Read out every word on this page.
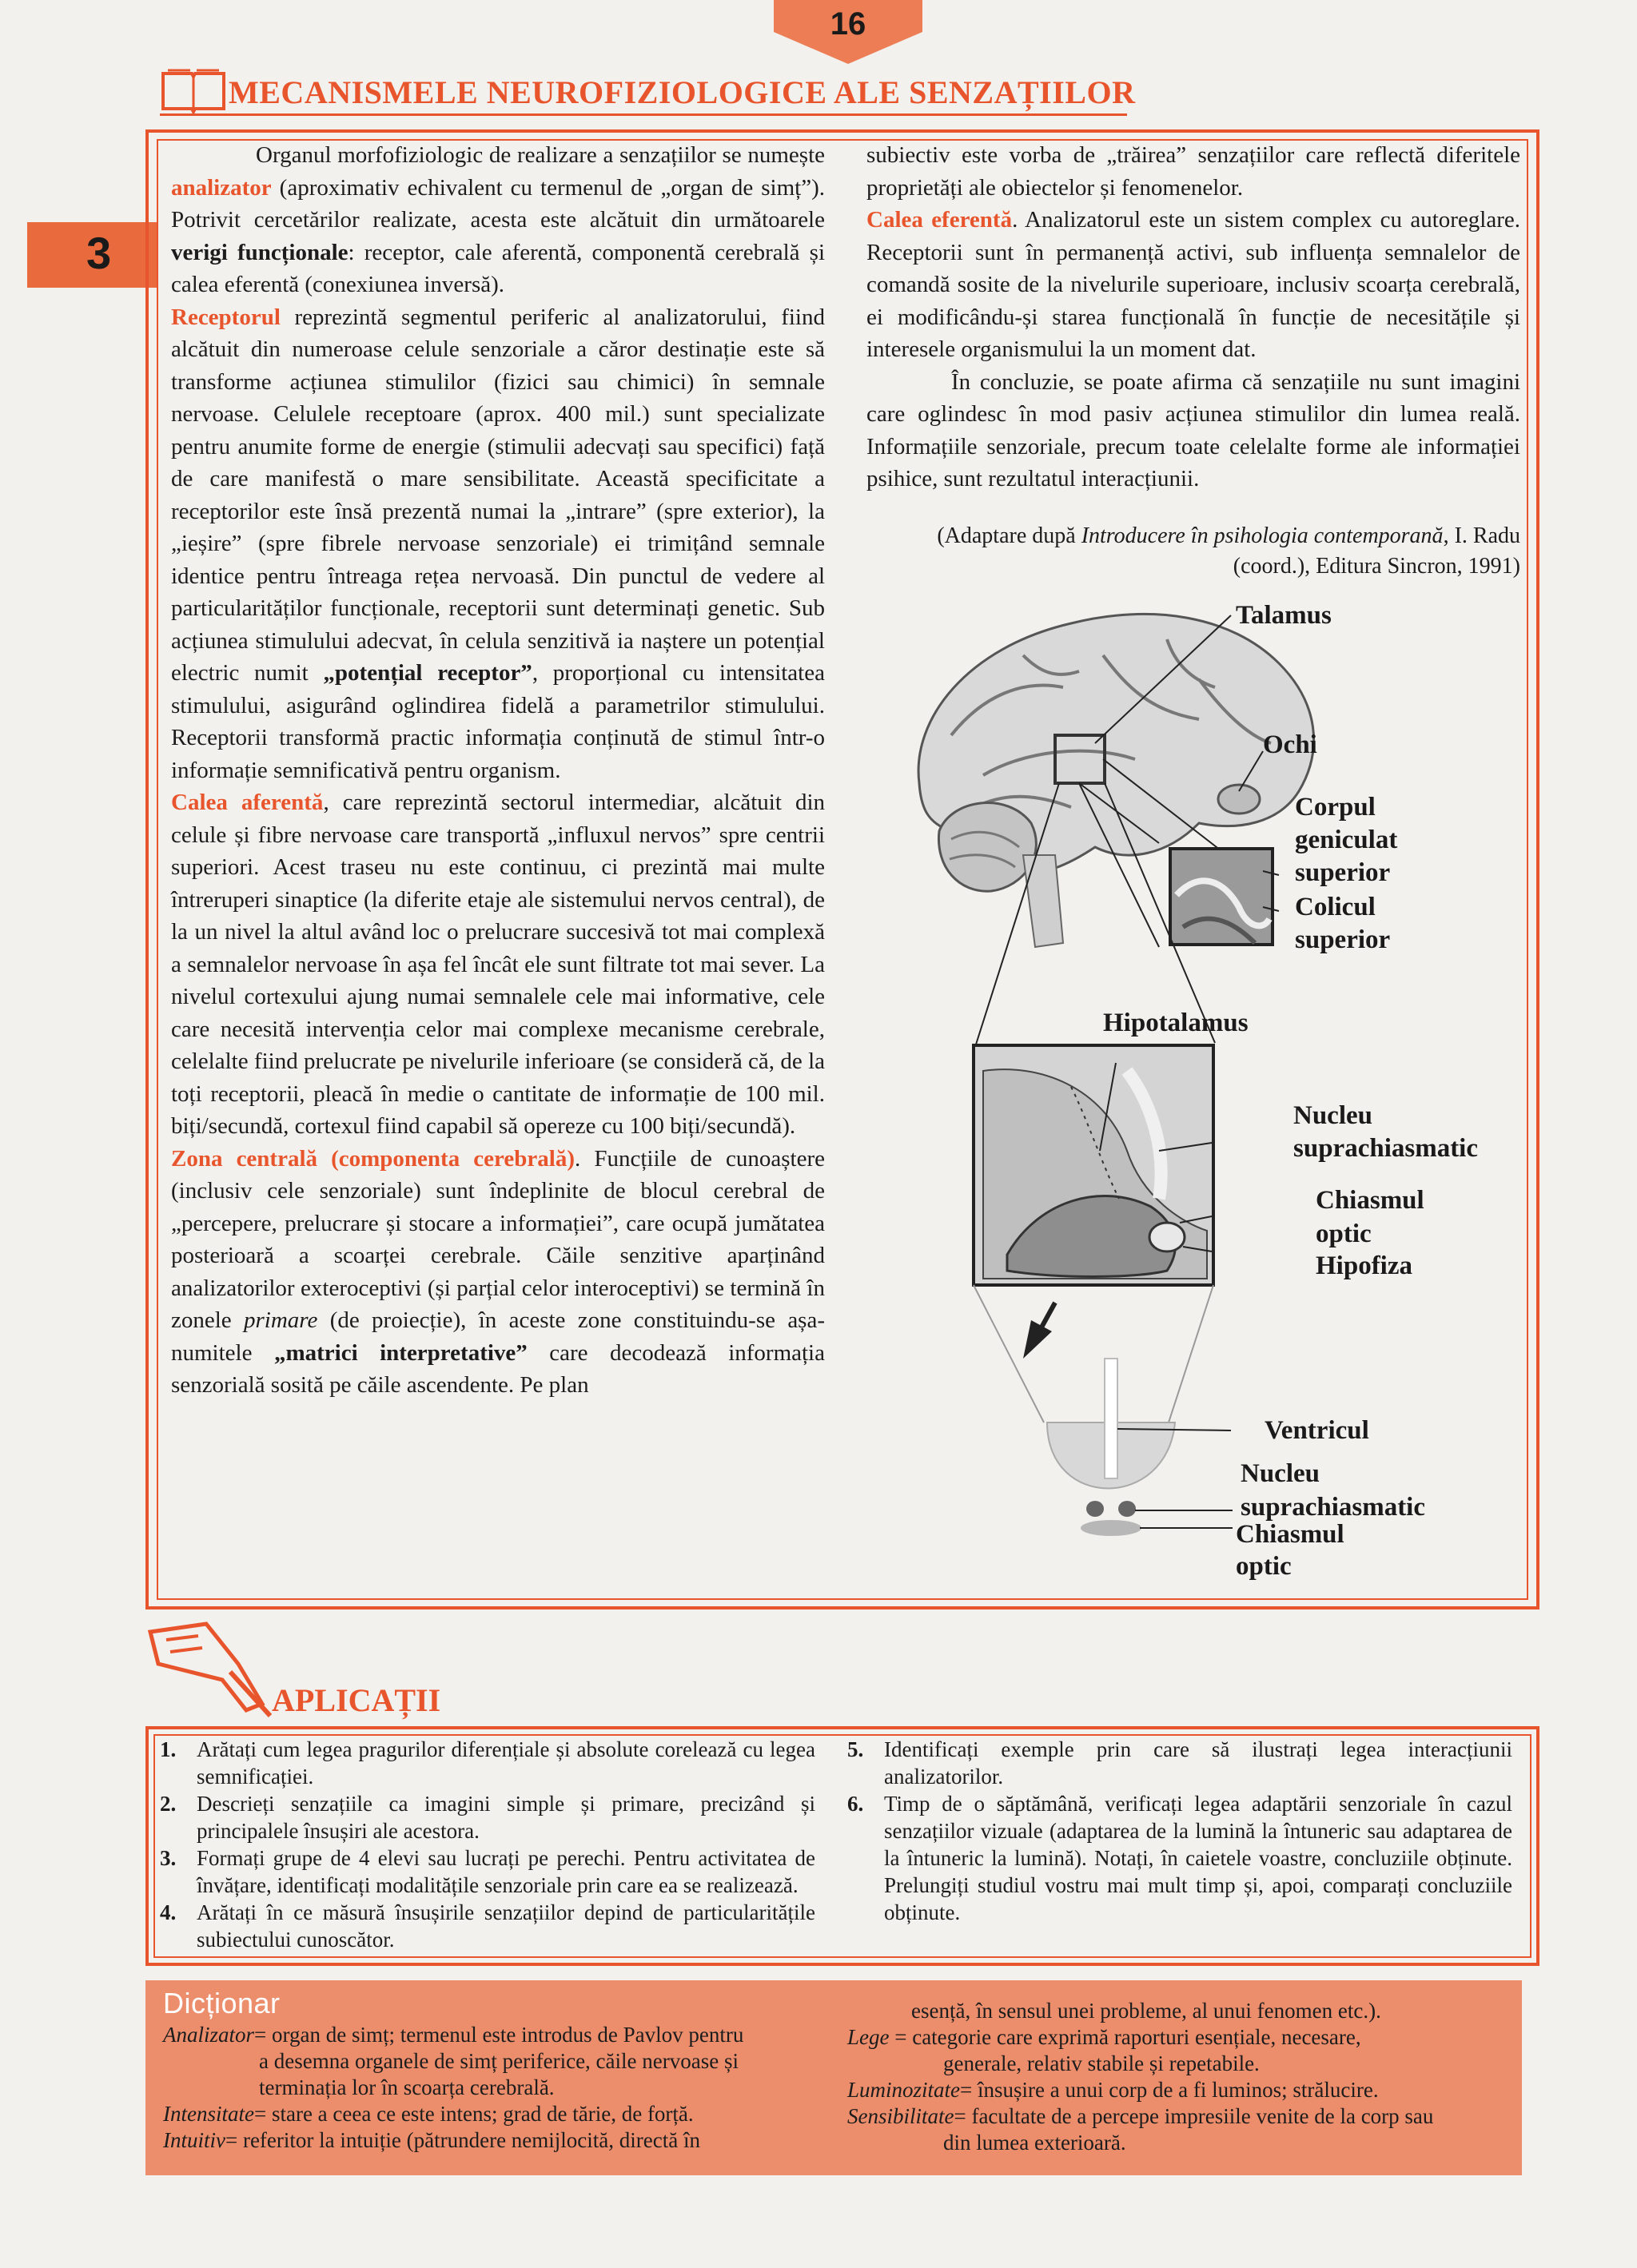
16
MECANISMELE NEUROFIZIOLOGICE ALE SENZAȚIILOR
3

Organul morfofiziologic de realizare a senzațiilor se numește analizator (aproximativ echivalent cu termenul de „organ de simț”). Potrivit cercetărilor realizate, acesta este alcătuit din următoarele verigi funcționale: receptor, cale aferentă, componentă cerebrală și calea eferentă (conexiunea inversă).

Receptorul reprezintă segmentul periferic al analizatorului, fiind alcătuit din numeroase celule senzoriale a căror destinație este să transforme acțiunea stimulilor (fizici sau chimici) în semnale nervoase. Celulele receptoare (aprox. 400 mil.) sunt specializate pentru anumite forme de energie (stimulii adecvați sau specifici) față de care manifestă o mare sensibilitate. Această specificitate a receptorilor este însă prezentă numai la „intrare” (spre exterior), la „ieșire” (spre fibrele nervoase senzoriale) ei trimițând semnale identice pentru întreaga rețea nervoasă. Din punctul de vedere al particularităților funcționale, receptorii sunt determinați genetic. Sub acțiunea stimulului adecvat, în celula senzitivă ia naștere un potențial electric numit „potențial receptor”, proporțional cu intensitatea stimulului, asigurând oglindirea fidelă a parametrilor stimulului. Receptorii transformă practic informația conținută de stimul într-o informație semnificativă pentru organism.

Calea aferentă, care reprezintă sectorul intermediar, alcătuit din celule și fibre nervoase care transportă „influxul nervos” spre centrii superiori. Acest traseu nu este continuu, ci prezintă mai multe întreruperi sinaptice (la diferite etaje ale sistemului nervos central), de la un nivel la altul având loc o prelucrare succesivă tot mai complexă a semnalelor nervoase în așa fel încât ele sunt filtrate tot mai sever. La nivelul cortexului ajung numai semnalele cele mai informative, cele care necesită intervenția celor mai complexe mecanisme cerebrale, celelalte fiind prelucrate pe nivelurile inferioare (se consideră că, de la toți receptorii, pleacă în medie o cantitate de informație de 100 mil. biți/secundă, cortexul fiind capabil să opereze cu 100 biți/secundă).

Zona centrală (componenta cerebrală). Funcțiile de cunoaștere (inclusiv cele senzoriale) sunt îndeplinite de blocul cerebral de „percepere, prelucrare și stocare a informației”, care ocupă jumătatea posterioară a scoarței cerebrale. Căile senzitive aparținând analizatorilor exteroceptivi (și parțial celor interoceptivi) se termină în zonele primare (de proiecție), în aceste zone constituindu-se așa-numitele „matrici interpretative” care decodează informația senzorială sosită pe căile ascendente. Pe plan

subiectiv este vorba de „trăirea” senzațiilor care reflectă diferitele proprietăți ale obiectelor și fenomenelor.

Calea eferentă. Analizatorul este un sistem complex cu autoreglare. Receptorii sunt în permanență activi, sub influența semnalelor de comandă sosite de la nivelurile superioare, inclusiv scoarța cerebrală, ei modificându-și starea funcțională în funcție de necesitățile și interesele organismului la un moment dat.

În concluzie, se poate afirma că senzațiile nu sunt imagini care oglindesc în mod pasiv acțiunea stimulilor din lumea reală. Informațiile senzoriale, precum toate celelalte forme ale informației psihice, sunt rezultatul interacțiunii.

(Adaptare după Introducere în psihologia contemporană, I. Radu (coord.), Editura Sincron, 1991)
Talamus
Ochi
Corpul
geniculat
superior
Colicul
superior
Hipotalamus
Nucleu
suprachiasmatic
Chiasmul
optic
Hipofiza
Ventricul
Nucleu
suprachiasmatic
Chiasmul
optic
APLICAȚII
1. Arătați cum legea pragurilor diferențiale și absolute corelează cu legea semnificației.
2. Descrieți senzațiile ca imagini simple și primare, precizând și principalele însușiri ale acestora.
3. Formați grupe de 4 elevi sau lucrați pe perechi. Pentru activitatea de învățare, identificați modalitățile senzoriale prin care ea se realizează.
4. Arătați în ce măsură însușirile senzațiilor depind de particularitățile subiectului cunoscător.
5. Identificați exemple prin care să ilustrați legea interacțiunii analizatorilor.
6. Timp de o săptămână, verificați legea adaptării senzoriale în cazul senzațiilor vizuale (adaptarea de la lumină la întuneric sau adaptarea de la întuneric la lumină). Notați, în caietele voastre, concluziile obținute. Prelungiți studiul vostru mai mult timp și, apoi, comparați concluziile obținute.
Dicționar
Analizator= organ de simț; termenul este introdus de Pavlov pentru
a desemna organele de simț periferice, căile nervoase și terminația lor în scoarța cerebrală.
Intensitate= stare a ceea ce este intens; grad de tărie, de forță.
Intuitiv= referitor la intuiție (pătrundere nemijlocită, directă în
esență, în sensul unei probleme, al unui fenomen etc.).
Lege = categorie care exprimă raporturi esențiale, necesare,
generale, relativ stabile și repetabile.
Luminozitate= însușire a unui corp de a fi luminos; strălucire.
Sensibilitate= facultate de a percepe impresiile venite de la corp sau
din lumea exterioară.
